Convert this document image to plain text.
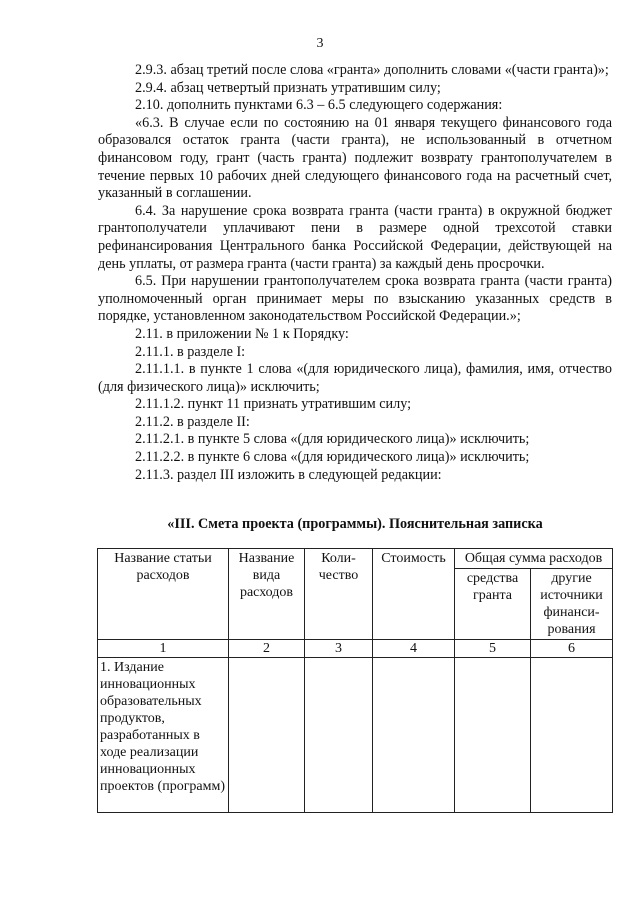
3

2.9.3. абзац третий после слова «гранта» дополнить словами «(части гранта)»;

2.9.4. абзац четвертый признать утратившим силу;

2.10. дополнить пунктами 6.3 – 6.5 следующего содержания:

«6.3. В случае если по состоянию на 01 января текущего финансового года образовался остаток гранта (части гранта), не использованный в отчетном финансовом году, грант (часть гранта) подлежит возврату грантополучателем в течение первых 10 рабочих дней следующего финансового года на расчетный счет, указанный в соглашении.

6.4. За нарушение срока возврата гранта (части гранта) в окружной бюджет грантополучатели уплачивают пени в размере одной трехсотой ставки рефинансирования Центрального банка Российской Федерации, действующей на день уплаты, от размера гранта (части гранта) за каждый день просрочки.

6.5. При нарушении грантополучателем срока возврата гранта (части гранта) уполномоченный орган принимает меры по взысканию указанных средств в порядке, установленном законодательством Российской Федерации.»;

2.11. в приложении № 1 к Порядку:

2.11.1. в разделе I:

2.11.1.1. в пункте 1 слова «(для юридического лица), фамилия, имя, отчество (для физического лица)» исключить;

2.11.1.2. пункт 11 признать утратившим силу;

2.11.2. в разделе II:

2.11.2.1. в пункте 5 слова «(для юридического лица)» исключить;

2.11.2.2. в пункте 6 слова «(для юридического лица)» исключить;

2.11.3. раздел III изложить в следующей редакции:

«III. Смета проекта (программы). Пояснительная записка
Название статьи расходов	Название вида расходов	Коли-чество	Стоимость	Общая сумма расходов	
				средства гранта	другие источники финанси-рования
1	2	3	4	5	6
1. Издание инновационных образовательных продуктов, разработанных в ходе реализации инновационных проектов (программ)					
